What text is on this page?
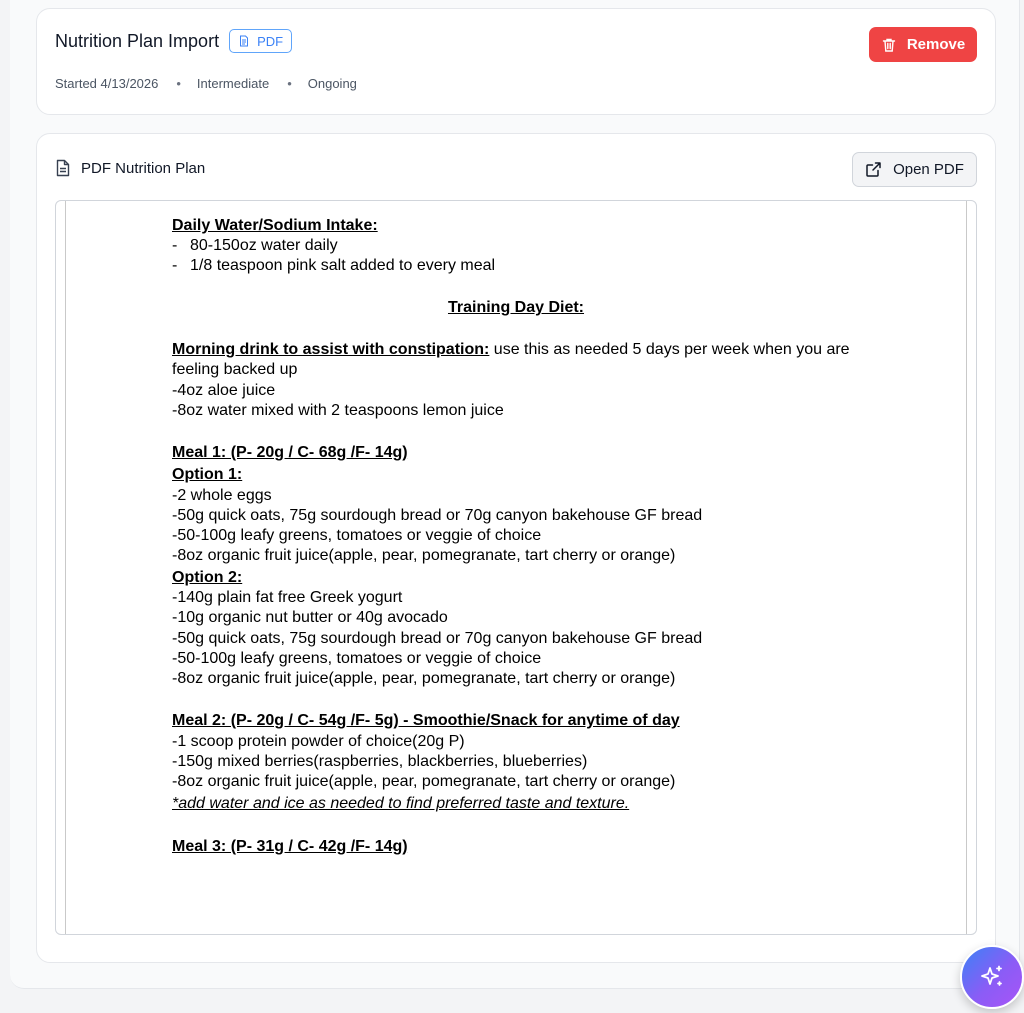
Nutrition Plan Import	PDF
Started 4/13/2026 • Intermediate • Ongoing
Remove
PDF Nutrition Plan	Open PDF
Daily Water/Sodium Intake:
- 80-150oz water daily
- 1/8 teaspoon pink salt added to every meal
Training Day Diet:
Morning drink to assist with constipation: use this as needed 5 days per week when you are
feeling backed up
-4oz aloe juice
-8oz water mixed with 2 teaspoons lemon juice
Meal 1: (P- 20g / C- 68g /F- 14g)
Option 1:
-2 whole eggs
-50g quick oats, 75g sourdough bread or 70g canyon bakehouse GF bread
-50-100g leafy greens, tomatoes or veggie of choice
-8oz organic fruit juice(apple, pear, pomegranate, tart cherry or orange)
Option 2:
-140g plain fat free Greek yogurt
-10g organic nut butter or 40g avocado
-50g quick oats, 75g sourdough bread or 70g canyon bakehouse GF bread
-50-100g leafy greens, tomatoes or veggie of choice
-8oz organic fruit juice(apple, pear, pomegranate, tart cherry or orange)
Meal 2: (P- 20g / C- 54g /F- 5g) - Smoothie/Snack for anytime of day
-1 scoop protein powder of choice(20g P)
-150g mixed berries(raspberries, blackberries, blueberries)
-8oz organic fruit juice(apple, pear, pomegranate, tart cherry or orange)
*add water and ice as needed to find preferred taste and texture.
Meal 3: (P- 31g / C- 42g /F- 14g)
